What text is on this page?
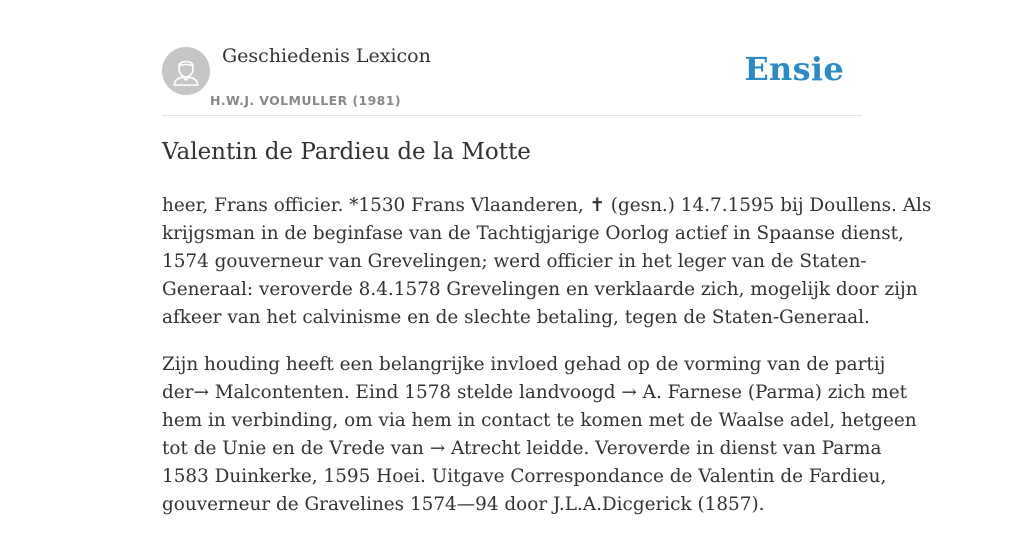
Geschiedenis Lexicon
H.W.J. VOLMULLER (1981)
Ensie
Valentin de Pardieu de la Motte

heer, Frans officier. *1530 Frans Vlaanderen, ✝ (gesn.) 14.7.1595 bij Doullens. Als
krijgsman in de beginfase van de Tachtigjarige Oorlog actief in Spaanse dienst,
1574 gouverneur van Grevelingen; werd officier in het leger van de Staten-
Generaal: veroverde 8.4.1578 Grevelingen en verklaarde zich, mogelijk door zijn
afkeer van het calvinisme en de slechte betaling, tegen de Staten-Generaal.

Zijn houding heeft een belangrijke invloed gehad op de vorming van de partij
der→ Malcontenten. Eind 1578 stelde landvoogd → A. Farnese (Parma) zich met
hem in verbinding, om via hem in contact te komen met de Waalse adel, hetgeen
tot de Unie en de Vrede van → Atrecht leidde. Veroverde in dienst van Parma
1583 Duinkerke, 1595 Hoei. Uitgave Correspondance de Valentin de Fardieu,
gouverneur de Gravelines 1574—94 door J.L.A.Dicgerick (1857).
